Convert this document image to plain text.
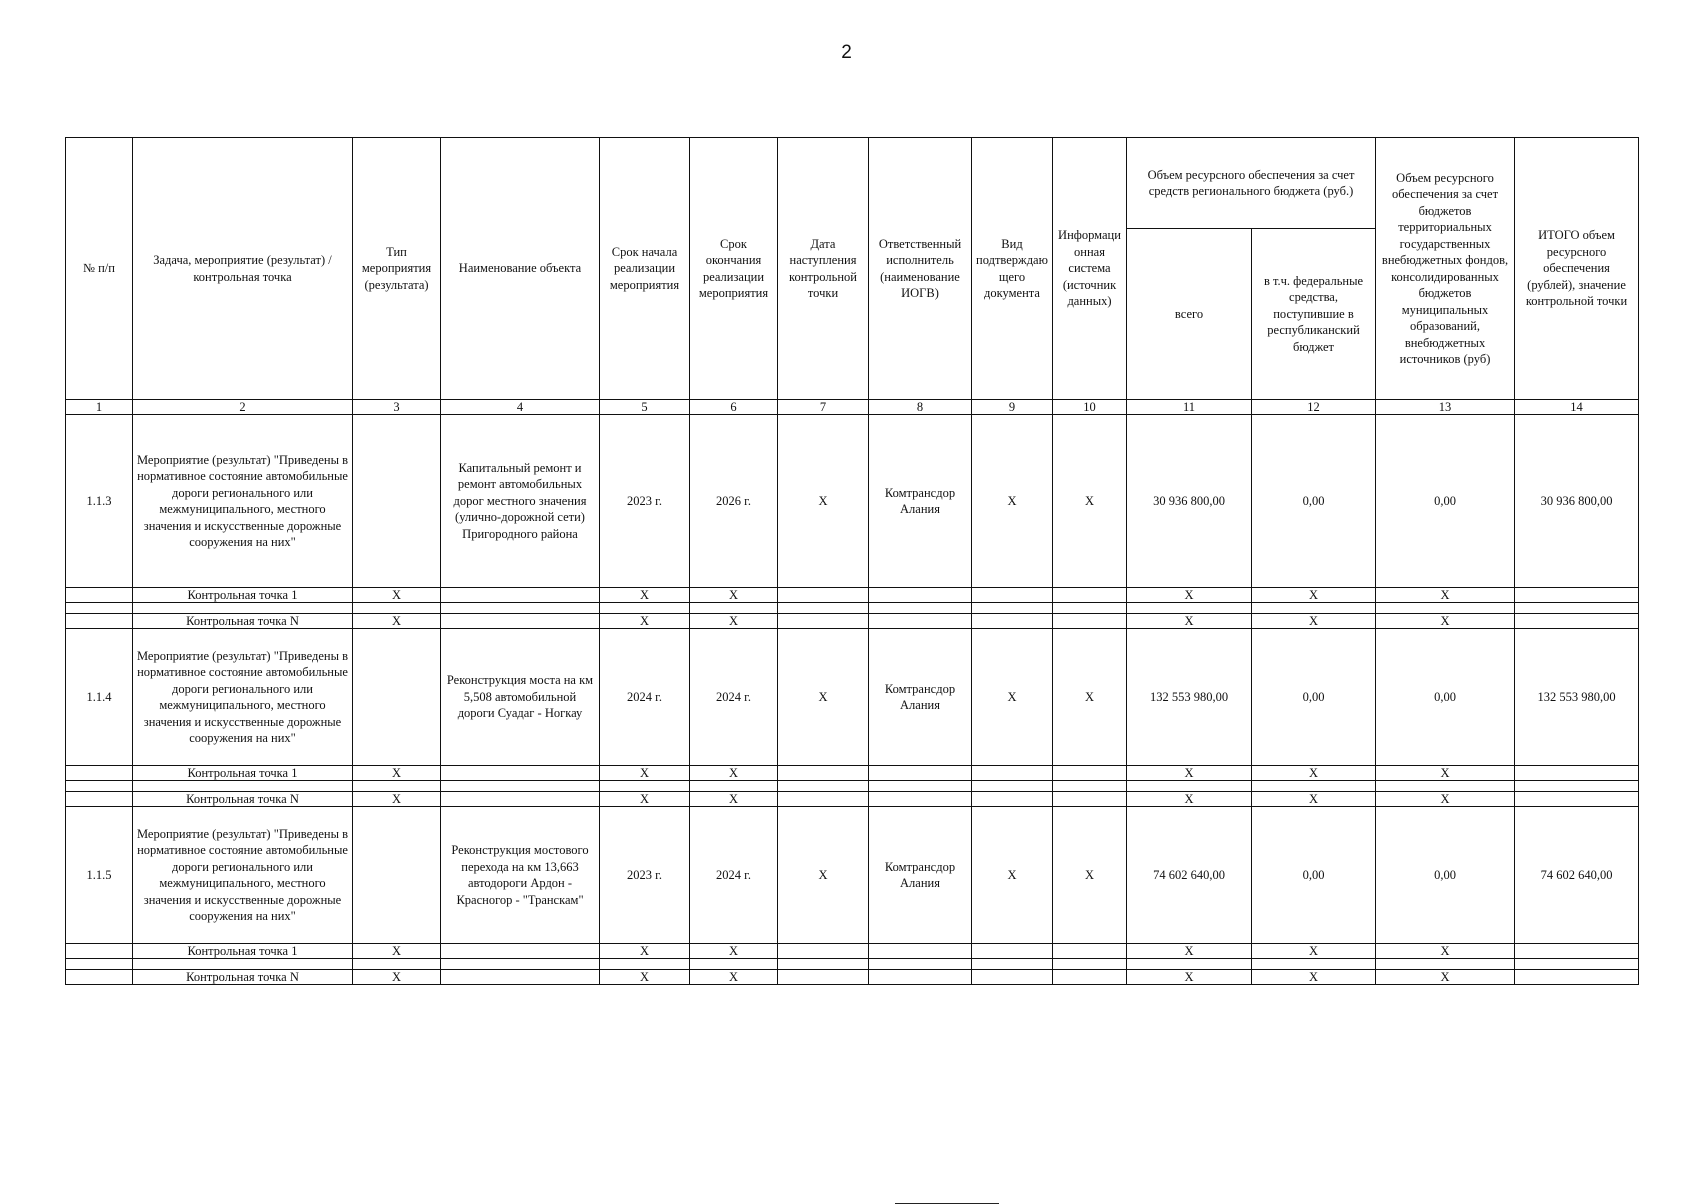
2
№ п/п	Задача, мероприятие (результат) / контрольная точка	Тип мероприятия (результата)	Наименование объекта	Срок начала реализации мероприятия	Срок окончания реализации мероприятия	Дата наступления контрольной точки	Ответственный исполнитель (наименование ИОГВ)	Вид подтверждающего документа	Информационная система (источник данных)	Объем ресурсного обеспечения за счет средств регионального бюджета (руб.)		Объем ресурсного обеспечения за счет бюджетов территориальных государственных внебюджетных фондов, консолидированных бюджетов муниципальных образований, внебюджетных источников (руб)	ИТОГО объем ресурсного обеспечения (рублей), значение контрольной точки
										всего	в т.ч. федеральные средства, поступившие в республиканский бюджет		
1	2	3	4	5	6	7	8	9	10	11	12	13	14
1.1.3	Мероприятие (результат) "Приведены в нормативное состояние автомобильные дороги регионального или межмуниципального, местного значения и искусственные дорожные сооружения на них"		Капитальный ремонт и ремонт автомобильных дорог местного значения (улично-дорожной сети) Пригородного района	2023 г.	2026 г.	X	Комтрансдор Алания	X	X	30 936 800,00	0,00	0,00	30 936 800,00
	Контрольная точка 1	X		X	X					X	X	X	

	Контрольная точка N	X		X	X					X	X	X	
1.1.4	Мероприятие (результат) "Приведены в нормативное состояние автомобильные дороги регионального или межмуниципального, местного значения и искусственные дорожные сооружения на них"		Реконструкция моста на км 5,508 автомобильной дороги Суадаг - Ногкау	2024 г.	2024 г.	X	Комтрансдор Алания	X	X	132 553 980,00	0,00	0,00	132 553 980,00
	Контрольная точка 1	X		X	X					X	X	X	

	Контрольная точка N	X		X	X					X	X	X	
1.1.5	Мероприятие (результат) "Приведены в нормативное состояние автомобильные дороги регионального или межмуниципального, местного значения и искусственные дорожные сооружения на них"		Реконструкция мостового перехода на км 13,663 автодороги Ардон - Красногор - "Транскам"	2023 г.	2024 г.	X	Комтрансдор Алания	X	X	74 602 640,00	0,00	0,00	74 602 640,00
	Контрольная точка 1	X		X	X					X	X	X	

	Контрольная точка N	X		X	X					X	X	X	
